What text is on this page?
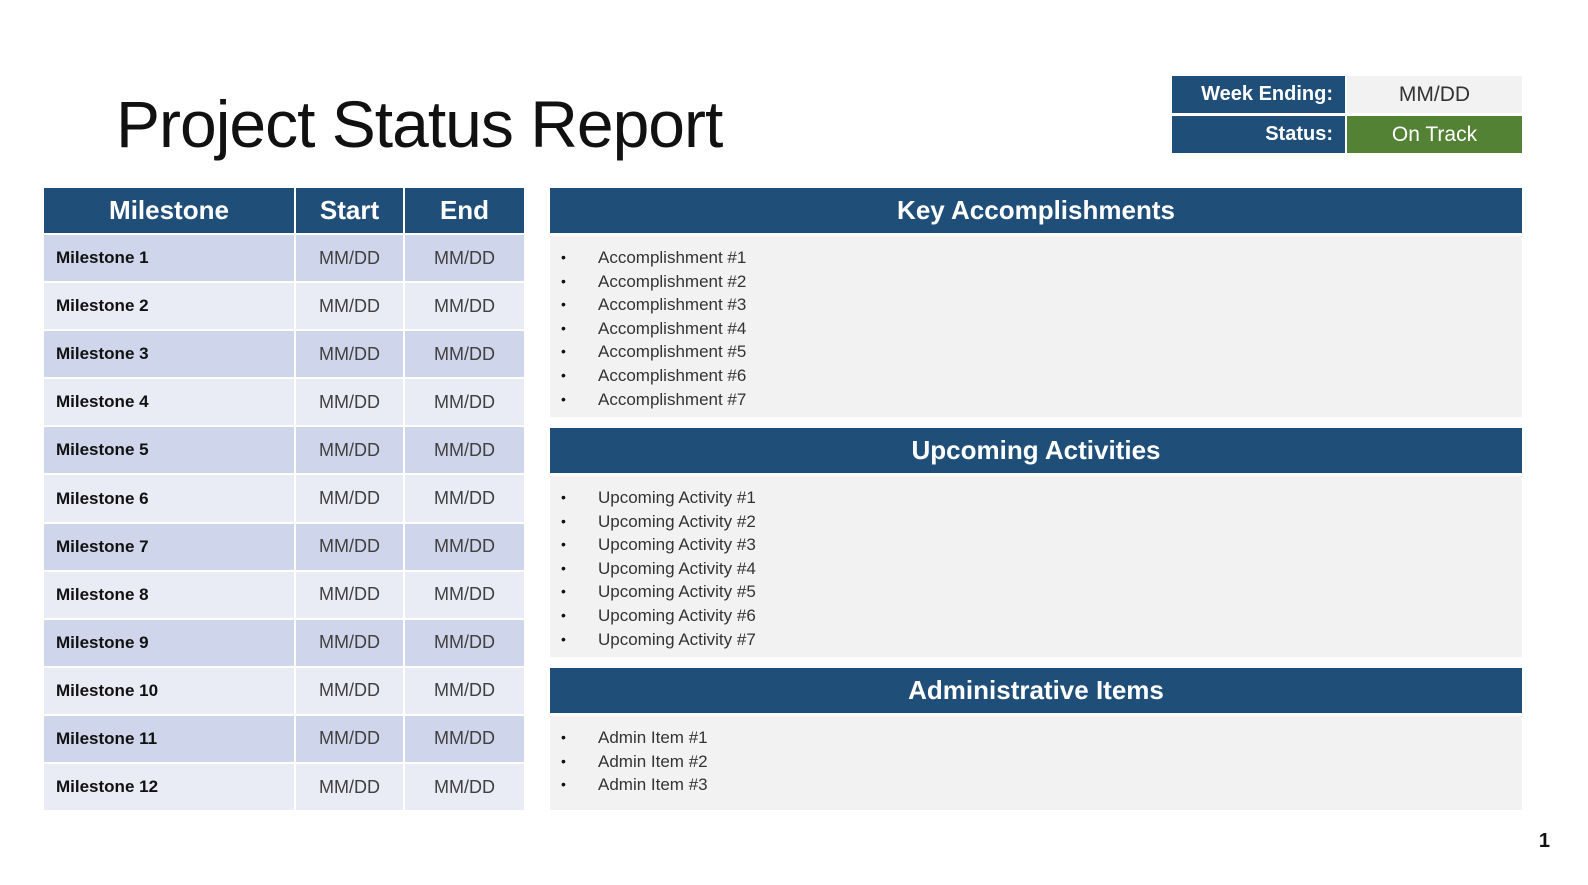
Project Status Report	Week Ending:	MM/DD
Status:	On Track
Milestone	Start	End
Milestone 1	MM/DD	MM/DD
Milestone 2	MM/DD	MM/DD
Milestone 3	MM/DD	MM/DD
Milestone 4	MM/DD	MM/DD
Milestone 5	MM/DD	MM/DD
Milestone 6	MM/DD	MM/DD
Milestone 7	MM/DD	MM/DD
Milestone 8	MM/DD	MM/DD
Milestone 9	MM/DD	MM/DD
Milestone 10	MM/DD	MM/DD
Milestone 11	MM/DD	MM/DD
Milestone 12	MM/DD	MM/DD
Key Accomplishments
• Accomplishment #1
• Accomplishment #2
• Accomplishment #3
• Accomplishment #4
• Accomplishment #5
• Accomplishment #6
• Accomplishment #7
Upcoming Activities
• Upcoming Activity #1
• Upcoming Activity #2
• Upcoming Activity #3
• Upcoming Activity #4
• Upcoming Activity #5
• Upcoming Activity #6
• Upcoming Activity #7
Administrative Items
• Admin Item #1
• Admin Item #2
• Admin Item #3
1
